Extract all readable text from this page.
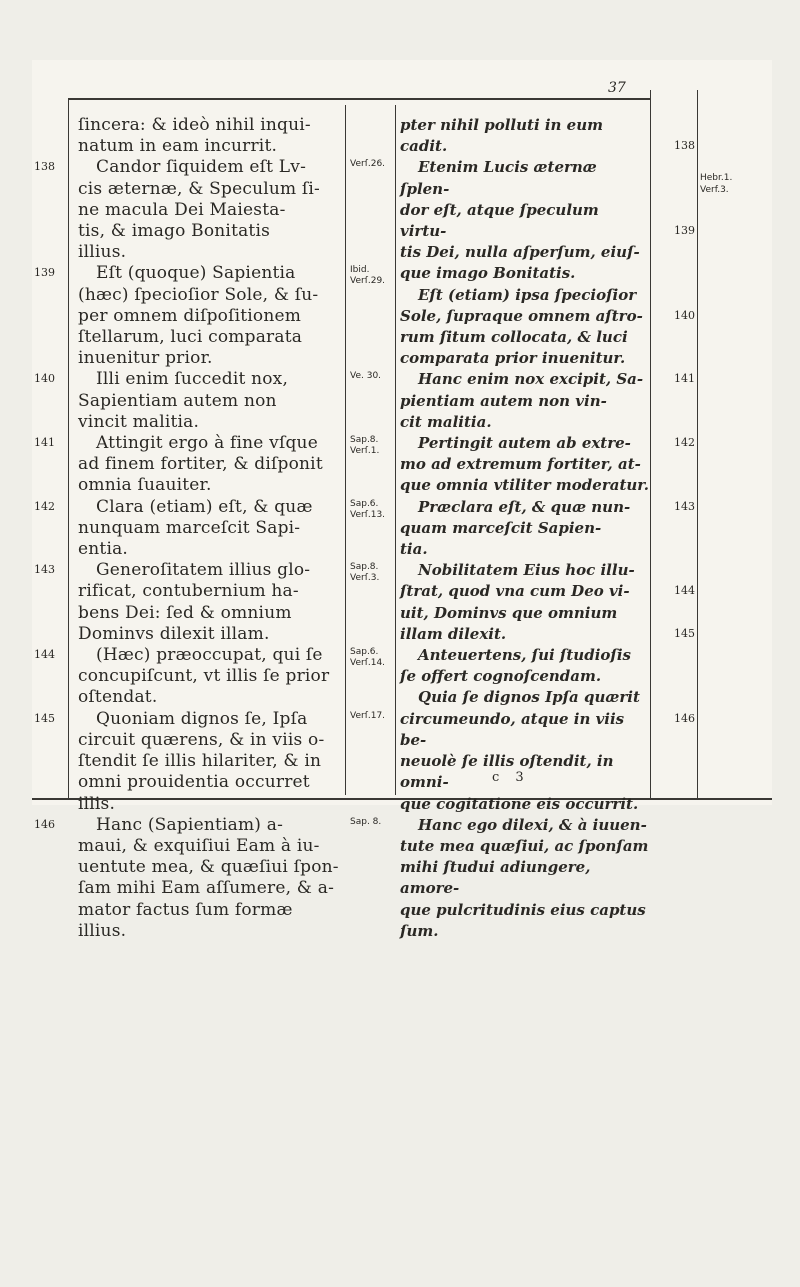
37
Hebr.1.
Verf.3.

ſincera: & ideò nihil inqui-

natum in eam incurrit.

Candor ſiquidem eſt Lv-

cis æternæ, & Speculum ſi-

ne macula Dei Maiesta-

tis, & imago Bonitatis

illius.

Eſt (quoque) Sapientia

(hæc) ſpecioſior Sole, & ſu-

per omnem diſpoſitionem

ſtellarum, luci comparata

inuenitur prior.

Illi enim ſuccedit nox,

Sapientiam autem non

vincit malitia.

Attingit ergo à fine vſque

ad finem fortiter, & diſponit

omnia ſuauiter.

Clara (etiam) eſt, & quæ

nunquam marceſcit Sapi-

entia.

Generoſitatem illius glo-

rificat, contubernium ha-

bens Dei: ſed & omnium

Dominvs dilexit illam.

(Hæc) præoccupat, qui ſe

concupiſcunt, vt illis ſe prior

oſtendat.

Quoniam dignos ſe, Ipſa

circuit quærens, & in viis o-

ſtendit ſe illis hilariter, & in

omni prouidentia occurret

illis.

Hanc (Sapientiam) a-

maui, & exquiſiui Eam à iu-

uentute mea, & quæſiui ſpon-

ſam mihi Eam aſſumere, & a-

mator factus ſum formæ illius.

pter nihil polluti in eum cadit.

Etenim Lucis æternæ ſplen-

dor eſt, atque ſpeculum virtu-

tis Dei, nulla aſperſum, eiuſ-

que imago Bonitatis.

Eſt (etiam) ipsa ſpecioſior

Sole, ſupraque omnem aſtro-

rum ſitum collocata, & luci

comparata prior inuenitur.

Hanc enim nox excipit, Sa-

pientiam autem non vin-

cit malitia.

Pertingit autem ab extre-

mo ad extremum fortiter, at-

que omnia vtiliter moderatur.

Præclara eſt, & quæ nun-

quam marceſcit Sapien-

tia.

Nobilitatem Eius hoc illu-

ſtrat, quod vna cum Deo vi-

uit, Dominvs que omnium

illam dilexit.

Anteuertens, ſui ſtudioſis

ſe offert cognoſcendam.

Quia ſe dignos Ipſa quærit

circumeundo, atque in viis be-

neuolè ſe illis oſtendit, in omni-

que cogitatione eis occurrit.

Hanc ego dilexi, & à iuuen-

tute mea quæſiui, ac ſponſam

mihi ſtudui adiungere, amore-

que pulcritudinis eius captus

ſum.

138
139
140
141
142
143
144
145
146
138
139
140
141
142
143
144
145
146
Verſ.26.
Ibid. Verſ.29.
Ve. 30.
Sap.8. Verſ.1.
Sap.6. Verſ.13.
Sap.8. Verſ.3.
Sap.6. Verſ.14.
Verſ.17.
Sap. 8.
c 3
